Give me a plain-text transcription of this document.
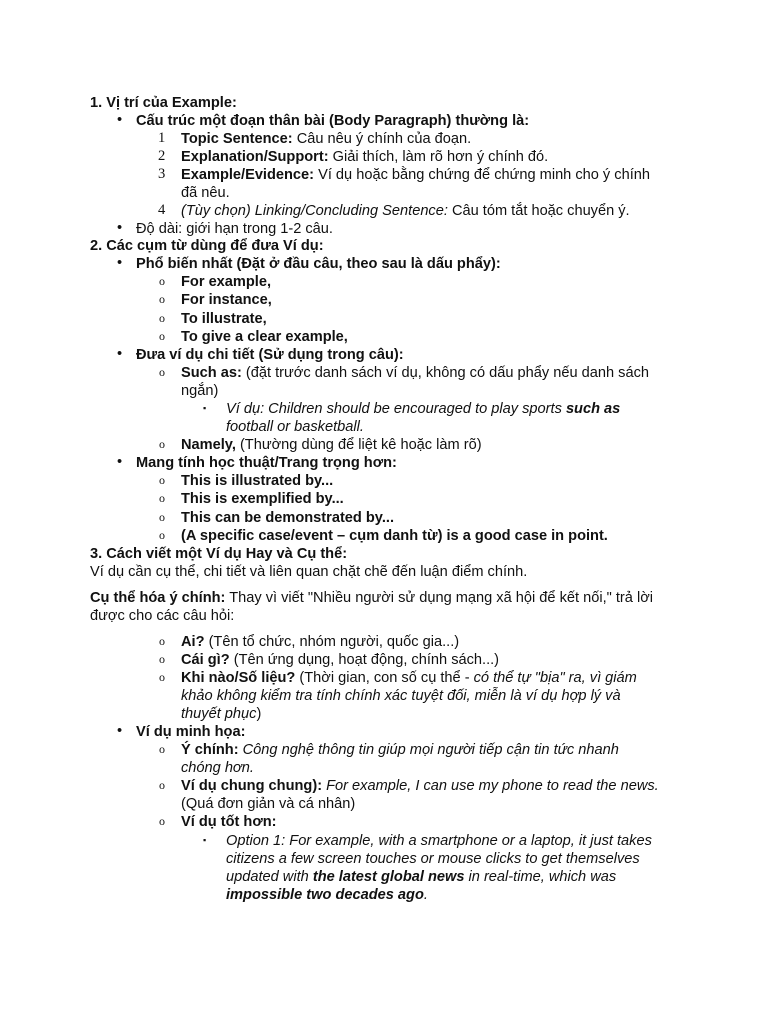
1. Vị trí của Example:
• Cấu trúc một đoạn thân bài (Body Paragraph) thường là:
1 Topic Sentence: Câu nêu ý chính của đoạn.
2 Explanation/Support: Giải thích, làm rõ hơn ý chính đó.
3 Example/Evidence: Ví dụ hoặc bằng chứng để chứng minh cho ý chính
đã nêu.
4 (Tùy chọn) Linking/Concluding Sentence: Câu tóm tắt hoặc chuyển ý.
• Độ dài: giới hạn trong 1-2 câu.
2. Các cụm từ dùng để đưa Ví dụ:
• Phổ biến nhất (Đặt ở đầu câu, theo sau là dấu phẩy):
o For example,
o For instance,
o To illustrate,
o To give a clear example,
• Đưa ví dụ chi tiết (Sử dụng trong câu):
o Such as: (đặt trước danh sách ví dụ, không có dấu phẩy nếu danh sách
ngắn)
▪ Ví dụ: Children should be encouraged to play sports such as
football or basketball.
o Namely, (Thường dùng để liệt kê hoặc làm rõ)
• Mang tính học thuật/Trang trọng hơn:
o This is illustrated by...
o This is exemplified by...
o This can be demonstrated by...
o (A specific case/event – cụm danh từ) is a good case in point.
3. Cách viết một Ví dụ Hay và Cụ thể:
Ví dụ cần cụ thể, chi tiết và liên quan chặt chẽ đến luận điểm chính.
Cụ thể hóa ý chính: Thay vì viết "Nhiều người sử dụng mạng xã hội để kết nối," trả lời
được cho các câu hỏi:
o Ai? (Tên tổ chức, nhóm người, quốc gia...)
o Cái gì? (Tên ứng dụng, hoạt động, chính sách...)
o Khi nào/Số liệu? (Thời gian, con số cụ thể - có thể tự "bịa" ra, vì giám
khảo không kiểm tra tính chính xác tuyệt đối, miễn là ví dụ hợp lý và
thuyết phục)
• Ví dụ minh họa:
o Ý chính: Công nghệ thông tin giúp mọi người tiếp cận tin tức nhanh
chóng hơn.
o Ví dụ chung chung): For example, I can use my phone to read the news.
(Quá đơn giản và cá nhân)
o Ví dụ tốt hơn:
▪ Option 1: For example, with a smartphone or a laptop, it just takes
citizens a few screen touches or mouse clicks to get themselves
updated with the latest global news in real-time, which was
impossible two decades ago.
